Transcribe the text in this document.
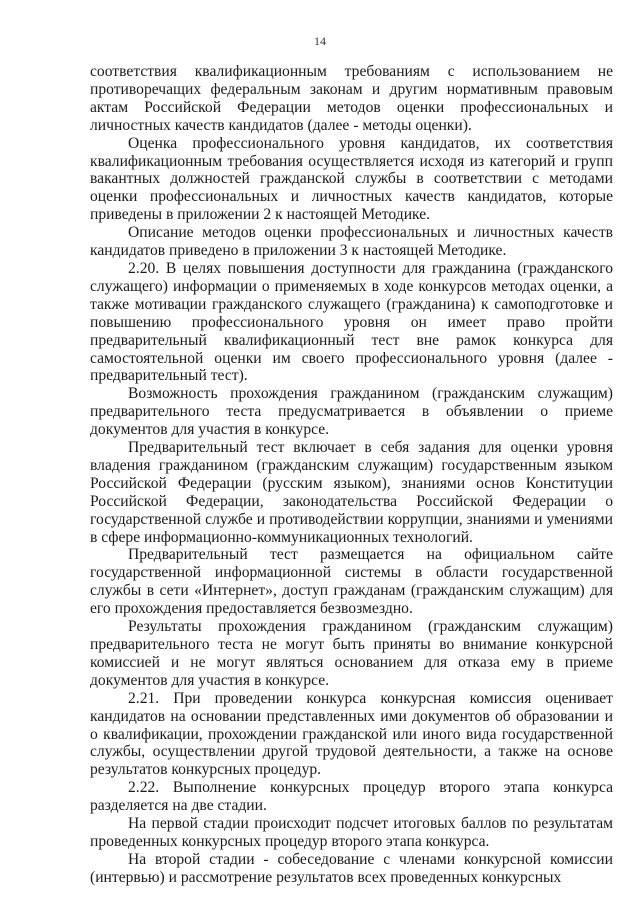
14

соответствия квалификационным требованиям с использованием не противоречащих федеральным законам и другим нормативным правовым актам Российской Федерации методов оценки профессиональных и личностных качеств кандидатов (далее - методы оценки).

Оценка профессионального уровня кандидатов, их соответствия квалификационным требования осуществляется исходя из категорий и групп вакантных должностей гражданской службы в соответствии с методами оценки профессиональных и личностных качеств кандидатов, которые приведены в приложении 2 к настоящей Методике.

Описание методов оценки профессиональных и личностных качеств кандидатов приведено в приложении 3 к настоящей Методике.

2.20. В целях повышения доступности для гражданина (гражданского служащего) информации о применяемых в ходе конкурсов методах оценки, а также мотивации гражданского служащего (гражданина) к самоподготовке и повышению профессионального уровня он имеет право пройти предварительный квалификационный тест вне рамок конкурса для самостоятельной оценки им своего профессионального уровня (далее - предварительный тест).

Возможность прохождения гражданином (гражданским служащим) предварительного теста предусматривается в объявлении о приеме документов для участия в конкурсе.

Предварительный тест включает в себя задания для оценки уровня владения гражданином (гражданским служащим) государственным языком Российской Федерации (русским языком), знаниями основ Конституции Российской Федерации, законодательства Российской Федерации о государственной службе и противодействии коррупции, знаниями и умениями в сфере информационно-коммуникационных технологий.

Предварительный тест размещается на официальном сайте государственной информационной системы в области государственной службы в сети «Интернет», доступ гражданам (гражданским служащим) для его прохождения предоставляется безвозмездно.

Результаты прохождения гражданином (гражданским служащим) предварительного теста не могут быть приняты во внимание конкурсной комиссией и не могут являться основанием для отказа ему в приеме документов для участия в конкурсе.

2.21. При проведении конкурса конкурсная комиссия оценивает кандидатов на основании представленных ими документов об образовании и о квалификации, прохождении гражданской или иного вида государственной службы, осуществлении другой трудовой деятельности, а также на основе результатов конкурсных процедур.

2.22. Выполнение конкурсных процедур второго этапа конкурса разделяется на две стадии.

На первой стадии происходит подсчет итоговых баллов по результатам проведенных конкурсных процедур второго этапа конкурса.

На второй стадии - собеседование с членами конкурсной комиссии (интервью) и рассмотрение результатов всех проведенных конкурсных
